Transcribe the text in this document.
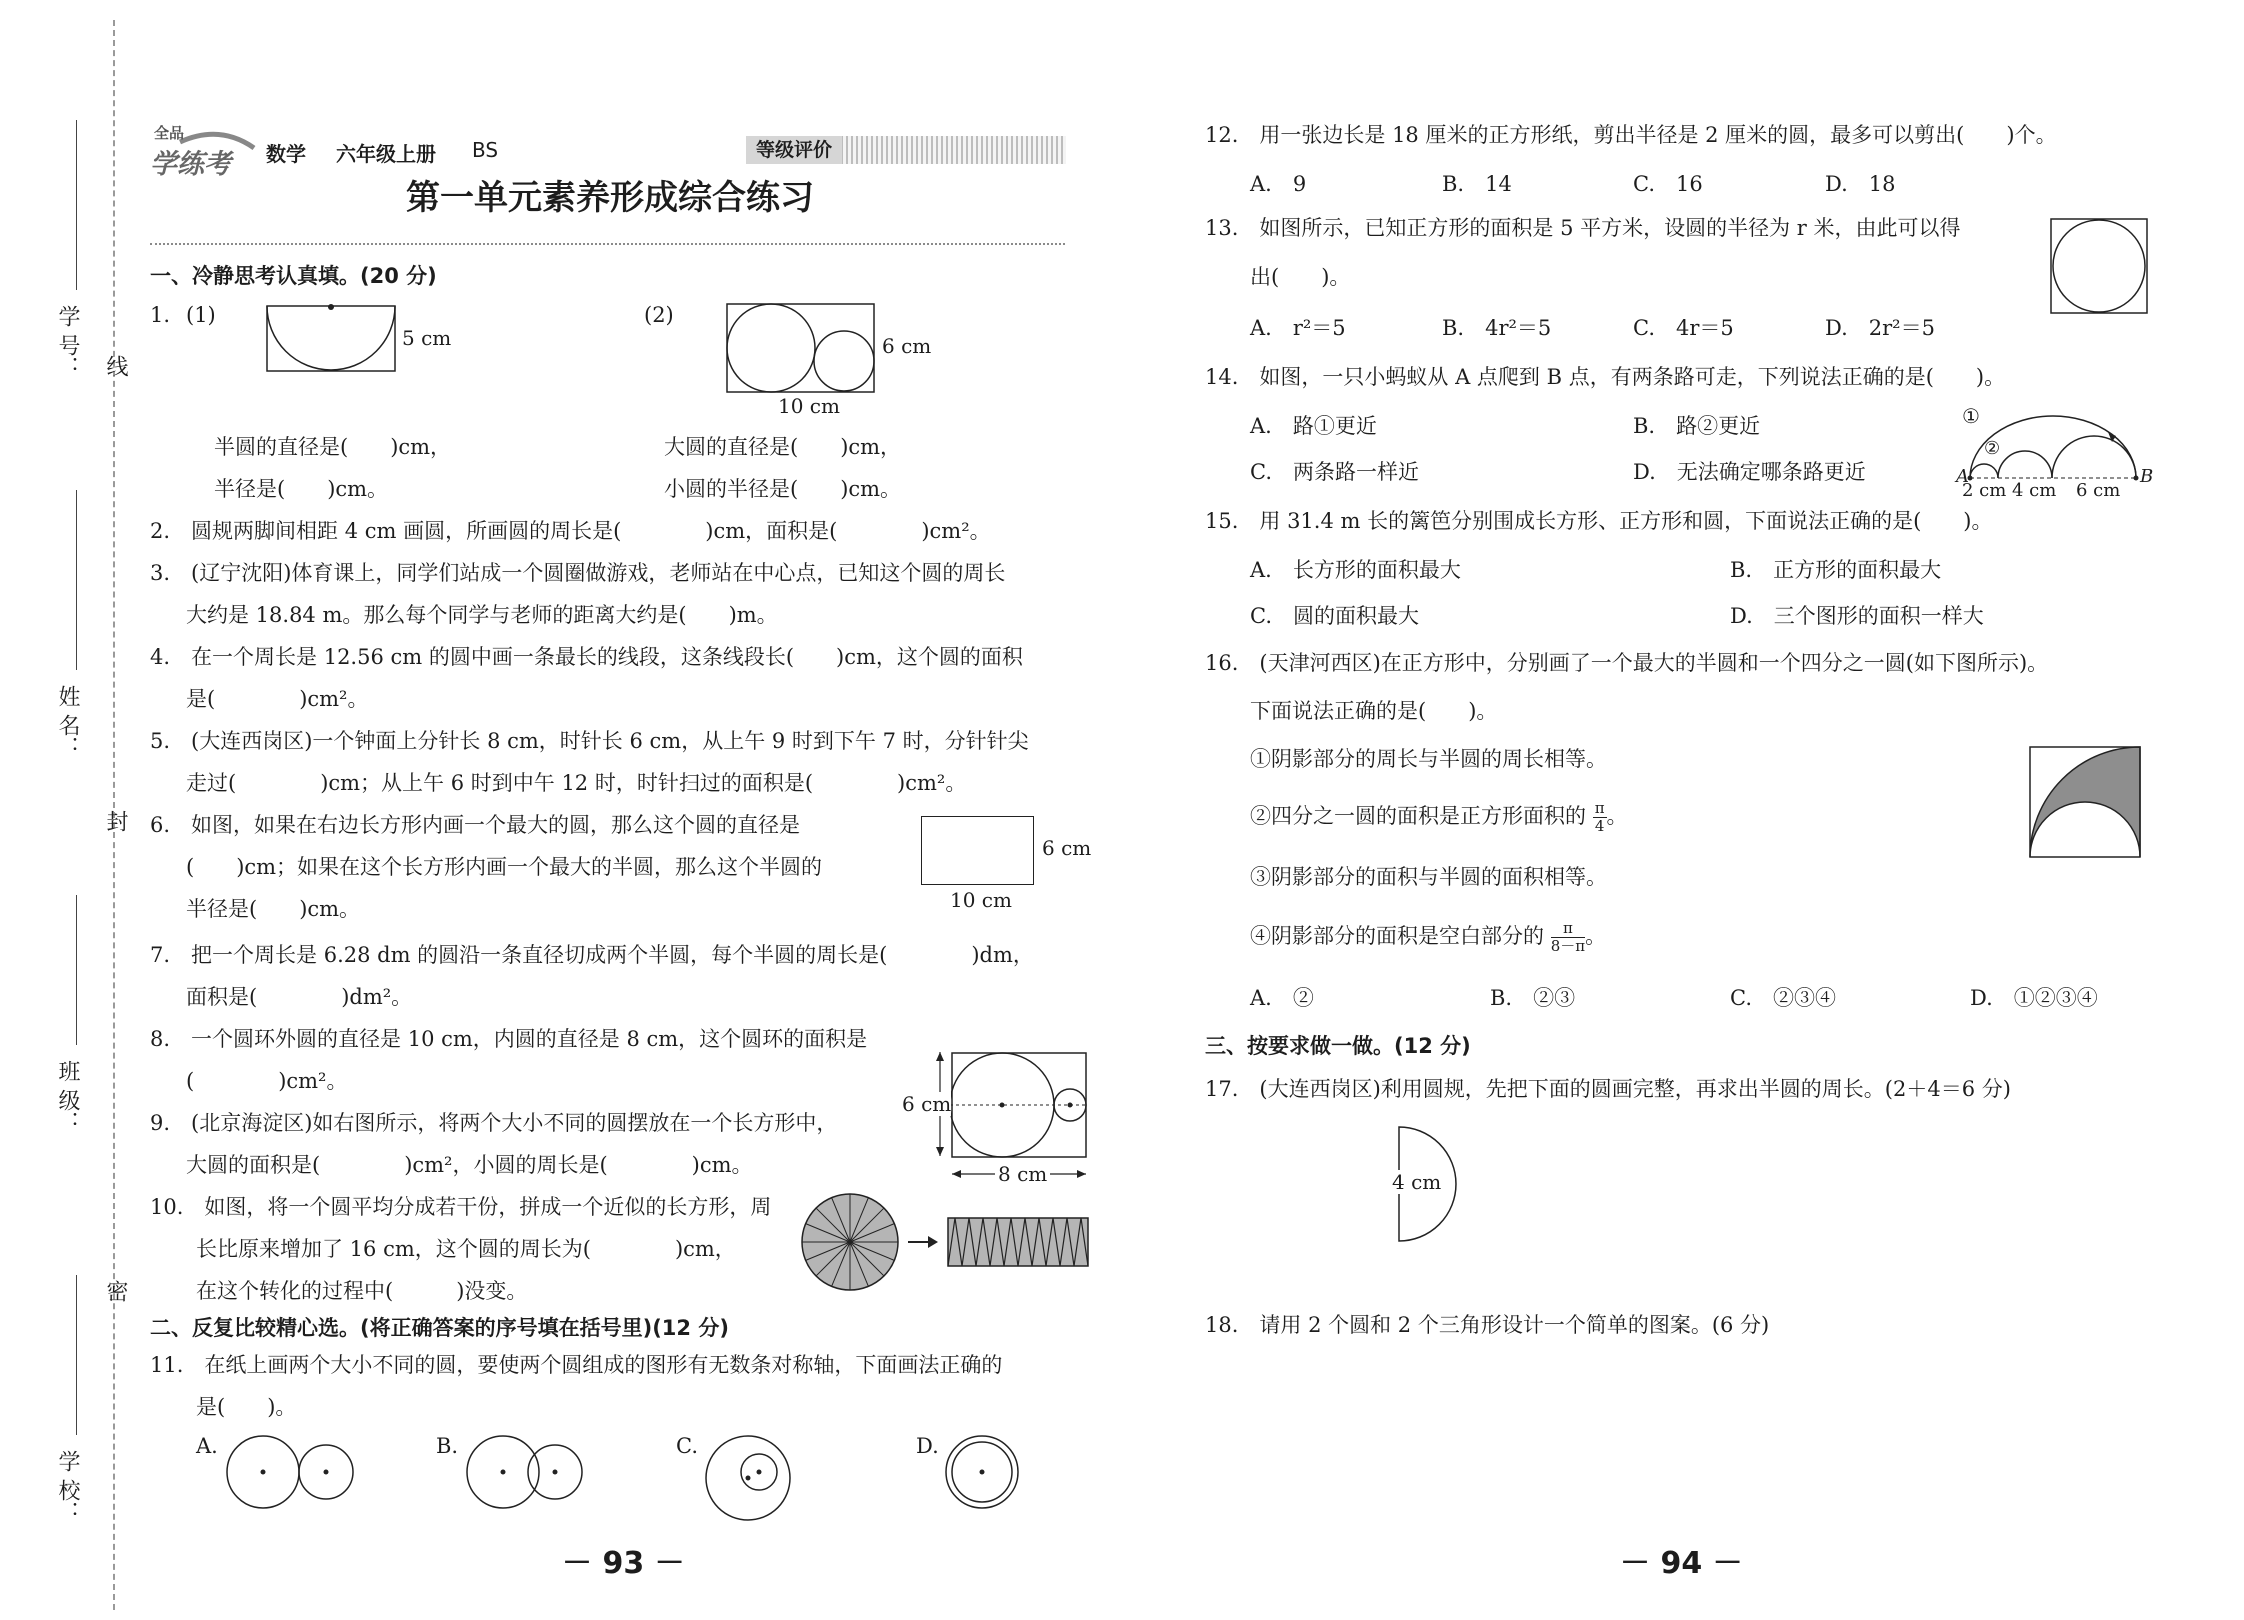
学 号： 线
姓 名：
封
班 级：
密
学 校：
全品
学练考 数学 六年级上册 BS	等级评价
第一单元素养形成综合练习
一、冷静思考认真填。(20 分)
1. (1)
5 cm
(2)
6 cm
10 cm
半圆的直径是(　　)cm，
半径是(　　)cm。
大圆的直径是(　　)cm，
小圆的半径是(　　)cm。
2.　圆规两脚间相距 4 cm 画圆，所画圆的周长是(　　　　)cm，面积是(　　　　)cm²。
3.　(辽宁沈阳)体育课上，同学们站成一个圆圈做游戏，老师站在中心点，已知这个圆的周长
大约是 18.84 m。那么每个同学与老师的距离大约是(　　)m。
4.　在一个周长是 12.56 cm 的圆中画一条最长的线段，这条线段长(　　)cm，这个圆的面积
是(　　　　)cm²。
5.　(大连西岗区)一个钟面上分针长 8 cm，时针长 6 cm，从上午 9 时到下午 7 时，分针针尖
走过(　　　　)cm；从上午 6 时到中午 12 时，时针扫过的面积是(　　　　)cm²。
6.　如图，如果在右边长方形内画一个最大的圆，那么这个圆的直径是
(　　)cm；如果在这个长方形内画一个最大的半圆，那么这个半圆的
半径是(　　)cm。
6 cm
10 cm
7.　把一个周长是 6.28 dm 的圆沿一条直径切成两个半圆，每个半圆的周长是(　　　　)dm，
面积是(　　　　)dm²。
8.　一个圆环外圆的直径是 10 cm，内圆的直径是 8 cm，这个圆环的面积是
(　　　　)cm²。
9.　(北京海淀区)如右图所示，将两个大小不同的圆摆放在一个长方形中，
大圆的面积是(　　　　)cm²，小圆的周长是(　　　　)cm。
6 cm
8 cm
10.　如图，将一个圆平均分成若干份，拼成一个近似的长方形，周
长比原来增加了 16 cm，这个圆的周长为(　　　　)cm，
在这个转化的过程中(　　　)没变。
二、反复比较精心选。(将正确答案的序号填在括号里)(12 分)
11.　在纸上画两个大小不同的圆，要使两个圆组成的图形有无数条对称轴，下面画法正确的
是(　　)。
A.	B.	C.	D.
－ 93 －
12.　用一张边长是 18 厘米的正方形纸，剪出半径是 2 厘米的圆，最多可以剪出(　　)个。
A.　9	B.　14	C.　16	D.　18
13.　如图所示，已知正方形的面积是 5 平方米，设圆的半径为 r 米，由此可以得
出(　　)。
A.　r²＝5	B.　4r²＝5	C.　4r＝5	D.　2r²＝5
14.　如图，一只小蚂蚁从 A 点爬到 B 点，有两条路可走，下列说法正确的是(　　)。
A.　路①更近	B.　路②更近
C.　两条路一样近	D.　无法确定哪条路更近
①
②
A	B
2 cm 4 cm 6 cm
15.　用 31.4 m 长的篱笆分别围成长方形、正方形和圆，下面说法正确的是(　　)。
A.　长方形的面积最大	B.　正方形的面积最大
C.　圆的面积最大	D.　三个图形的面积一样大
16.　(天津河西区)在正方形中，分别画了一个最大的半圆和一个四分之一圆(如下图所示)。
下面说法正确的是(　　)。
①阴影部分的周长与半圆的周长相等。
②四分之一圆的面积是正方形面积的 $\frac{\pi}{4}$ 。
③阴影部分的面积与半圆的面积相等。
④阴影部分的面积是空白部分的 $\frac{\pi}{8-\pi}$ 。
A.　②	B.　②③	C.　②③④	D.　①②③④
三、按要求做一做。(12 分)
17.　(大连西岗区)利用圆规，先把下面的圆画完整，再求出半圆的周长。(2＋4＝6 分)
4 cm
18.　请用 2 个圆和 2 个三角形设计一个简单的图案。(6 分)
－ 94 －
